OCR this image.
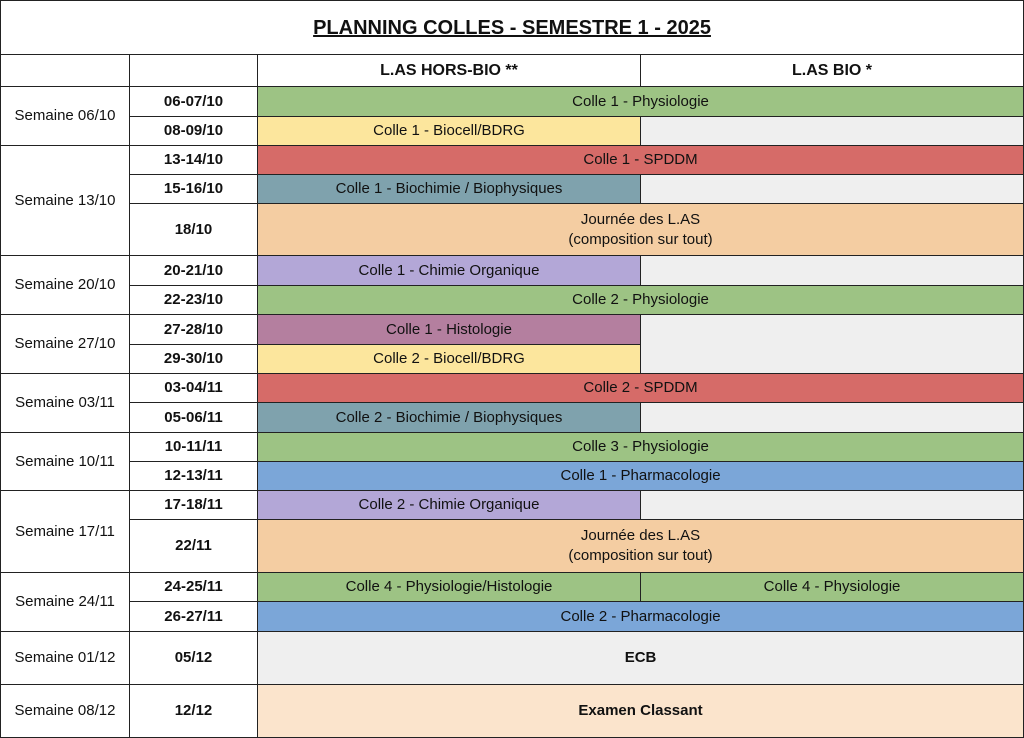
PLANNING COLLES - SEMESTRE 1 - 2025			
		L.AS HORS-BIO **	L.AS BIO *
Semaine 06/10	06-07/10	Colle 1 - Physiologie	

	08-09/10	Colle 1 - Biocell/BDRG	

Semaine 13/10	13-14/10	Colle 1 - SPDDM	

	15-16/10	Colle 1 - Biochimie / Biophysiques	

	18/10	Journée des L.AS
(composition sur tout)	

Semaine 20/10	20-21/10	Colle 1 - Chimie Organique	

	22-23/10	Colle 2 - Physiologie	

Semaine 27/10	27-28/10	Colle 1 - Histologie	

	29-30/10	Colle 2 - Biocell/BDRG	

Semaine 03/11	03-04/11	Colle 2 - SPDDM	

	05-06/11	Colle 2 - Biochimie / Biophysiques	

Semaine 10/11	10-11/11	Colle 3 - Physiologie	

	12-13/11	Colle 1 - Pharmacologie	

Semaine 17/11	17-18/11	Colle 2 - Chimie Organique	

	22/11	Journée des L.AS
(composition sur tout)	

Semaine 24/11	24-25/11	Colle 4 - Physiologie/Histologie	Colle 4 - Physiologie

	26-27/11	Colle 2 - Pharmacologie	

Semaine 01/12	05/12	ECB	

Semaine 08/12	12/12	Examen Classant	
